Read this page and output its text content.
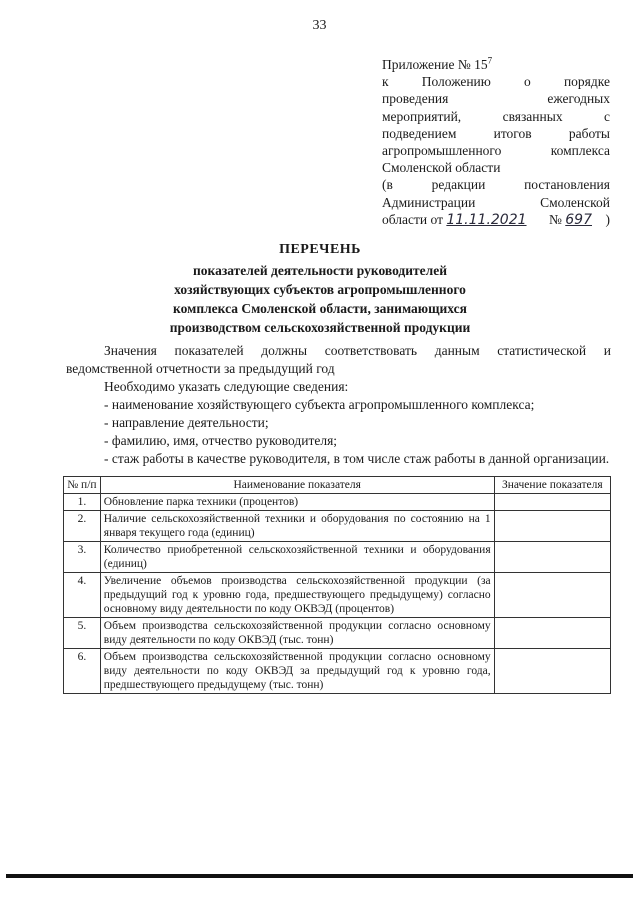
33
Приложение № $15^7$
к Положению о порядке
проведения	ежегодных
мероприятий,	связанных	с
подведением	итогов	работы
агропромышленного	комплекса
Смоленской области
(в	редакции	постановления
Администрации	Смоленской
области от 11.11.2021 № 697 )
ПЕРЕЧЕНЬ
показателей деятельности руководителей
хозяйствующих субъектов агропромышленного
комплекса Смоленской области, занимающихся
производством сельскохозяйственной продукции

Значения показателей должны соответствовать данным статистической и ведомственной отчетности за предыдущий год

Необходимо указать следующие сведения:

- наименование хозяйствующего субъекта агропромышленного комплекса;

- направление деятельности;

- фамилию, имя, отчество руководителя;

- стаж работы в качестве руководителя, в том числе стаж работы в данной организации.

№ п/п	Наименование показателя	Значение показателя
1.	Обновление парка техники (процентов)	
2.	Наличие сельскохозяйственной техники и оборудования по состоянию на 1 января текущего года (единиц)	
3.	Количество приобретенной сельскохозяйственной техники и оборудования (единиц)	
4.	Увеличение объемов производства сельскохозяйственной продукции (за предыдущий год к уровню года, предшествующего предыдущему) согласно основному виду деятельности по коду ОКВЭД (процентов)	
5.	Объем производства сельскохозяйственной продукции согласно основному виду деятельности по коду ОКВЭД (тыс. тонн)	
6.	Объем производства сельскохозяйственной продукции согласно основному виду деятельности по коду ОКВЭД за предыдущий год к уровню года, предшествующего предыдущему (тыс. тонн)	
